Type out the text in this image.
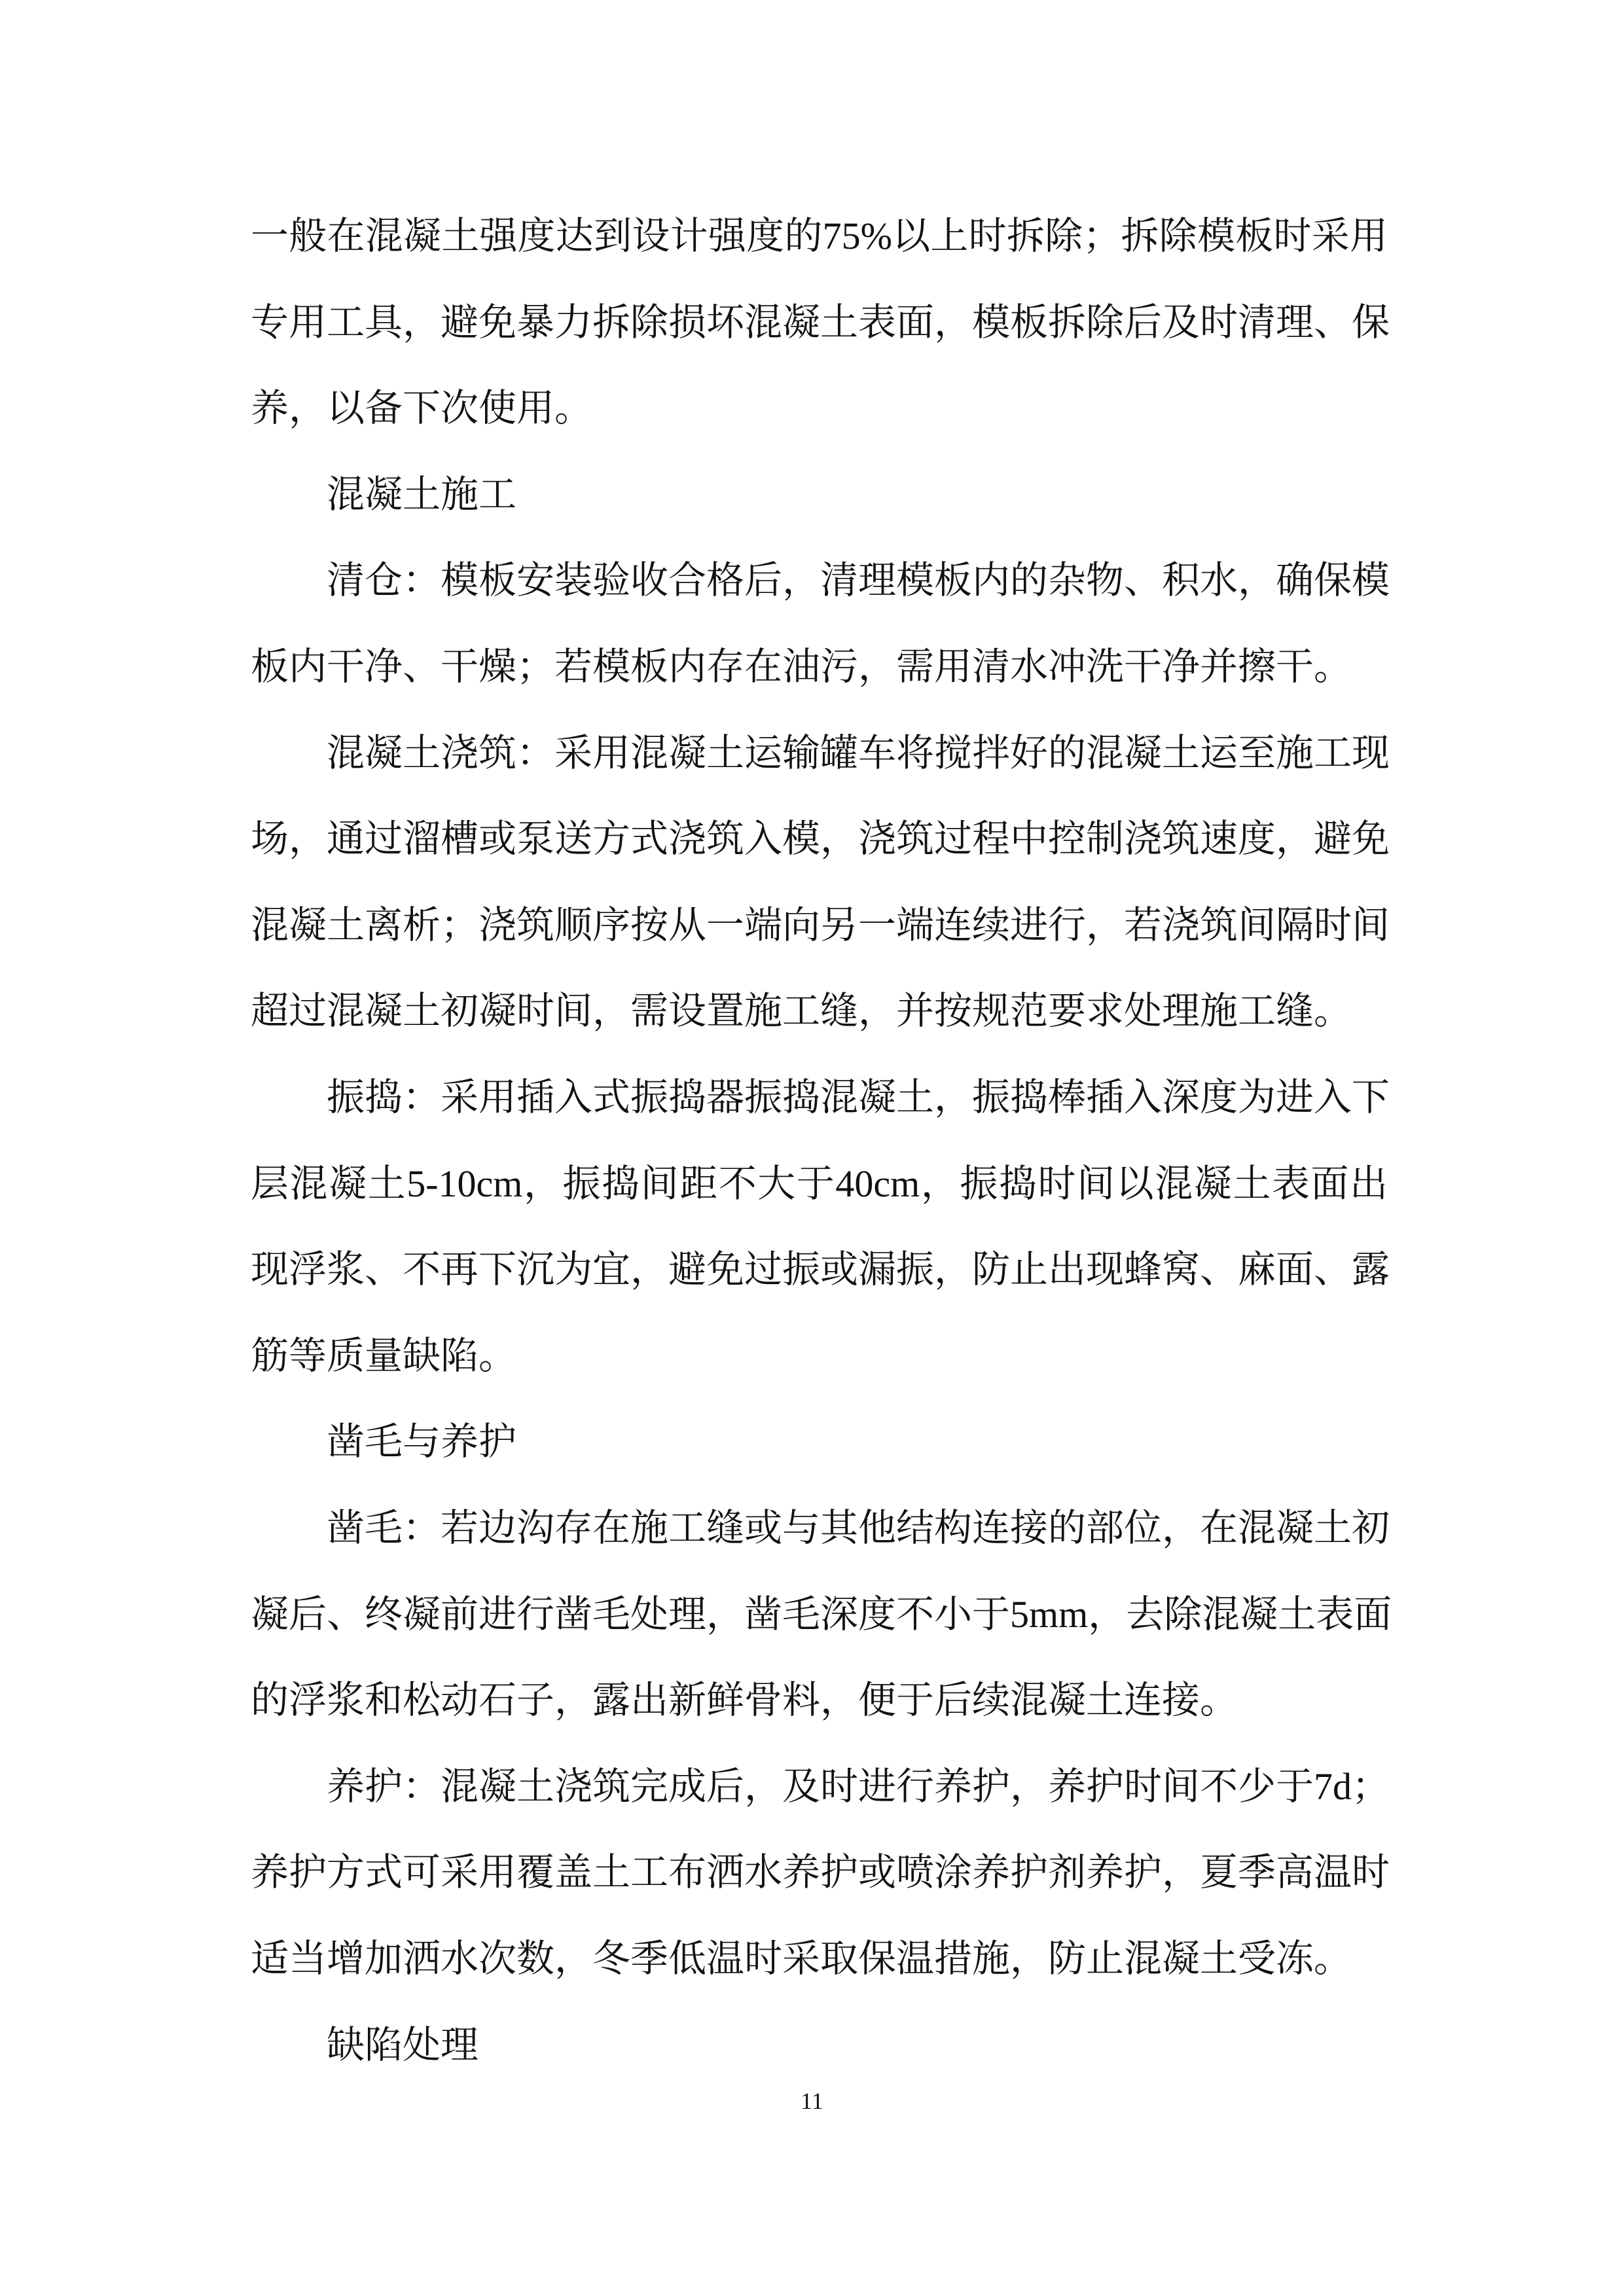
一般在混凝土强度达到设计强度的75%以上时拆除；拆除模板时采用
专用工具，避免暴力拆除损坏混凝土表面，模板拆除后及时清理、保
养，以备下次使用。
混凝土施工
清仓：模板安装验收合格后，清理模板内的杂物、积水，确保模
板内干净、干燥；若模板内存在油污，需用清水冲洗干净并擦干。
混凝土浇筑：采用混凝土运输罐车将搅拌好的混凝土运至施工现
场，通过溜槽或泵送方式浇筑入模，浇筑过程中控制浇筑速度，避免
混凝土离析；浇筑顺序按从一端向另一端连续进行，若浇筑间隔时间
超过混凝土初凝时间，需设置施工缝，并按规范要求处理施工缝。
振捣：采用插入式振捣器振捣混凝土，振捣棒插入深度为进入下
层混凝土5-10cm，振捣间距不大于40cm，振捣时间以混凝土表面出
现浮浆、不再下沉为宜，避免过振或漏振，防止出现蜂窝、麻面、露
筋等质量缺陷。
凿毛与养护
凿毛：若边沟存在施工缝或与其他结构连接的部位，在混凝土初
凝后、终凝前进行凿毛处理，凿毛深度不小于5mm，去除混凝土表面
的浮浆和松动石子，露出新鲜骨料，便于后续混凝土连接。
养护：混凝土浇筑完成后，及时进行养护，养护时间不少于7d；
养护方式可采用覆盖土工布洒水养护或喷涂养护剂养护，夏季高温时
适当增加洒水次数，冬季低温时采取保温措施，防止混凝土受冻。
缺陷处理
11
